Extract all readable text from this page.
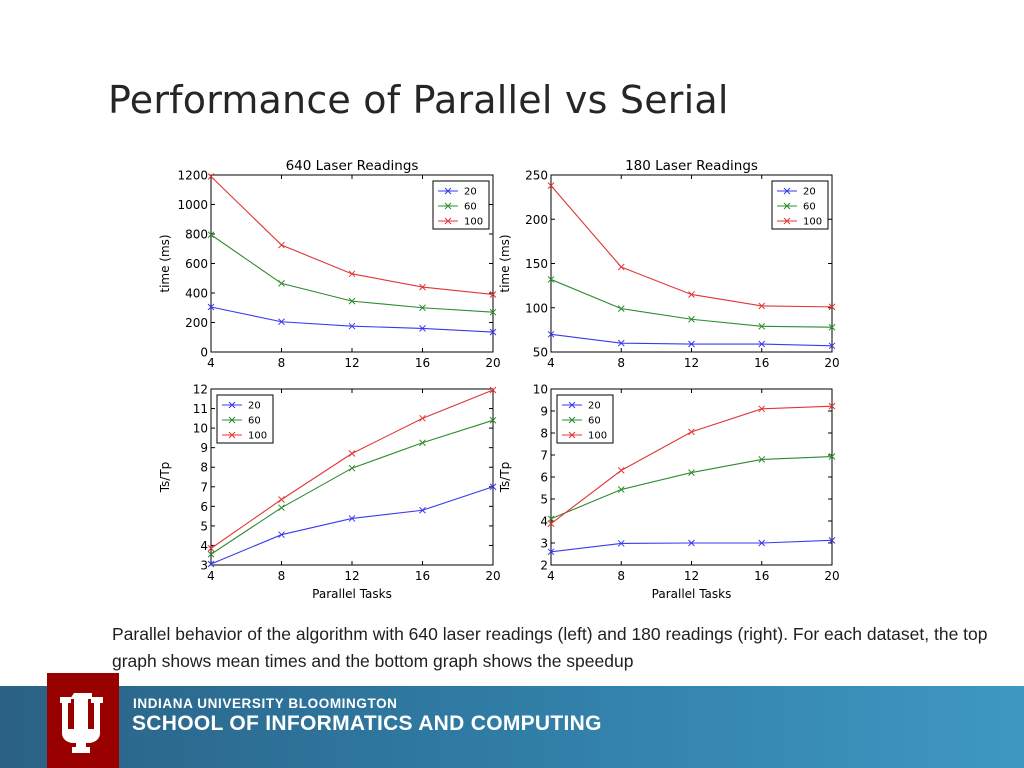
Performance of Parallel vs Serial
4	8	12	16	20
0
200
400
600
800
1000
1200
640 Laser Readings
time (ms)
20
60
100
4	8	12	16	20
50
100
150
200
250
180 Laser Readings
time (ms)
20
60
100
4	8	12	16	20
3
4
5
6
7
8
9
10
11
12
Ts/Tp
Parallel Tasks
20
60
100
4	8	12	16	20
2
3
4
5
6
7
8
9
10
Ts/Tp
Parallel Tasks
20
60
100
Parallel behavior of the algorithm with 640 laser readings (left) and 180 readings (right). For each dataset, the top graph shows mean times and the bottom graph shows the speedup
INDIANA UNIVERSITY BLOOMINGTON
SCHOOL OF INFORMATICS AND COMPUTING
